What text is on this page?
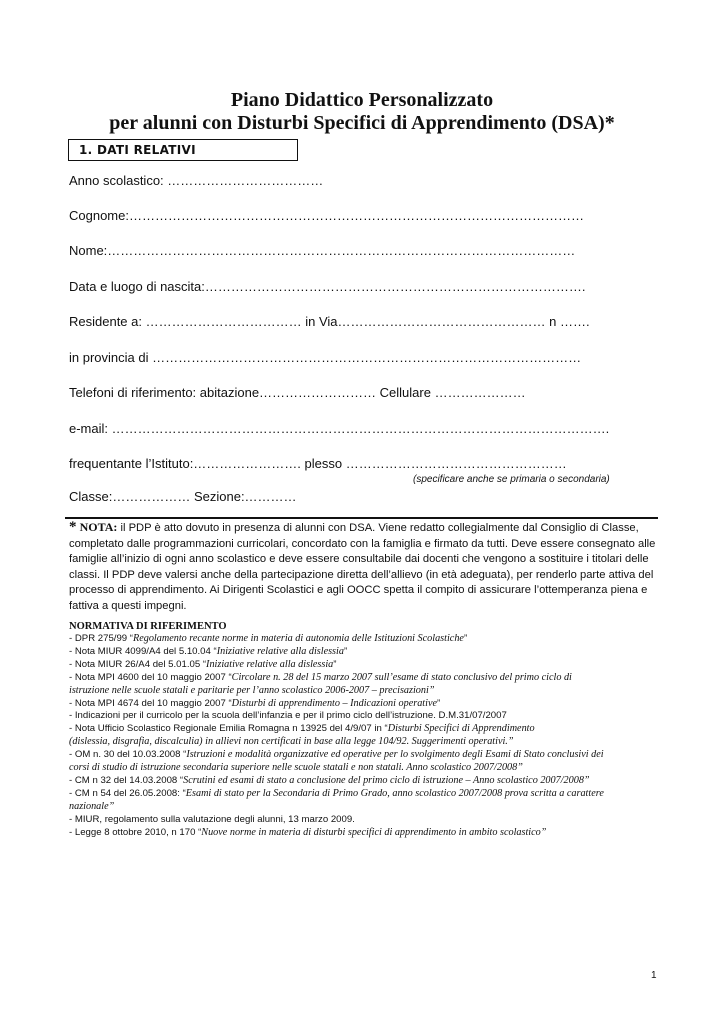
Piano Didattico Personalizzato
per alunni con Disturbi Specifici di Apprendimento (DSA)*
1. DATI RELATIVI
Anno scolastico: ………………………………
Cognome:……………………………………………………………………………………………
Nome:………………………………………………………………………………………………
Data e luogo di nascita:…………………………………………………………………………….
Residente a: ……………………………… in Via………………………………………… n …….
in provincia di ………………………………………………………………………………………
Telefoni di riferimento: abitazione……………………… Cellulare …………………
e-mail: …………………………………………………………………………………………………….
frequentante l’Istituto:……………………. plesso ……………………………………………
(specificare anche se primaria o secondaria)
Classe:……………… Sezione:…………
* NOTA: il PDP è atto dovuto in presenza di alunni con DSA. Viene redatto collegialmente dal Consiglio di Classe, completato dalle programmazioni curricolari, concordato con la famiglia e firmato da tutti. Deve essere consegnato alle famiglie all’inizio di ogni anno scolastico e deve essere consultabile dai docenti che vengono a sostituire i titolari delle classi. Il PDP deve valersi anche della partecipazione diretta dell’allievo (in età adeguata), per renderlo parte attiva del processo di apprendimento. Ai Dirigenti Scolastici e agli OOCC spetta il compito di assicurare l’ottemperanza piena e fattiva a questi impegni.
NORMATIVA DI RIFERIMENTO
- DPR 275/99 “Regolamento recante norme in materia di autonomia delle Istituzioni Scolastiche”
- Nota MIUR 4099/A4 del 5.10.04 “Iniziative relative alla dislessia”
- Nota MIUR 26/A4 del 5.01.05 “Iniziative relative alla dislessia”
- Nota MPI 4600 del 10 maggio 2007 “Circolare n. 28 del 15 marzo 2007 sull’esame di stato conclusivo del primo ciclo di
istruzione nelle scuole statali e paritarie per l’anno scolastico 2006-2007 – precisazioni”
- Nota MPI 4674 del 10 maggio 2007 “Disturbi di apprendimento – Indicazioni operative”
- Indicazioni per il curricolo per la scuola dell’infanzia e per il primo ciclo dell’istruzione. D.M.31/07/2007
- Nota Ufficio Scolastico Regionale Emilia Romagna n 13925 del 4/9/07 in “Disturbi Specifici di Apprendimento
(dislessia, disgrafia, discalculia) in allievi non certificati in base alla legge 104/92. Suggerimenti operativi.”
- OM n. 30 del 10.03.2008 “Istruzioni e modalità organizzative ed operative per lo svolgimento degli Esami di Stato conclusivi dei
corsi di studio di istruzione secondaria superiore nelle scuole statali e non statali. Anno scolastico 2007/2008”
- CM n 32 del 14.03.2008 “Scrutini ed esami di stato a conclusione del primo ciclo di istruzione – Anno scolastico 2007/2008”
- CM n 54 del 26.05.2008: “Esami di stato per la Secondaria di Primo Grado, anno scolastico 2007/2008 prova scritta a carattere
nazionale”
- MIUR, regolamento sulla valutazione degli alunni, 13 marzo 2009.
- Legge 8 ottobre 2010, n 170 “Nuove norme in materia di disturbi specifici di apprendimento in ambito scolastico”
1
